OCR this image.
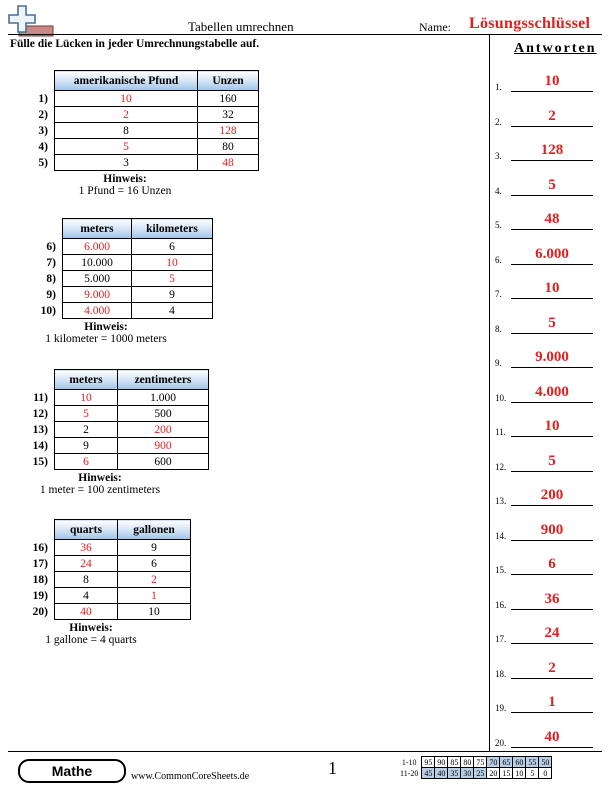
Tabellen umrechnen	Name: Lösungsschlüssel
Fülle die Lücken in jeder Umrechnungstabelle auf.	Antworten
	amerikanische Pfund	Unzen
1)	10	160
2)	2	32
3)	8	128
4)	5	80
5)	3	48
Hinweis:
1 Pfund = 16 Unzen
	meters	kilometers
6)	6.000	6
7)	10.000	10
8)	5.000	5
9)	9.000	9
10)	4.000	4
Hinweis:
1 kilometer = 1000 meters
	meters	zentimeters
11)	10	1.000
12)	5	500
13)	2	200
14)	9	900
15)	6	600
Hinweis:
1 meter = 100 zentimeters
	quarts	gallonen
16)	36	9
17)	24	6
18)	8	2
19)	4	1
20)	40	10
Hinweis:
1 gallone = 4 quarts
1.	10
2.	2
3.	128
4.	5
5.	48
6.	6.000
7.	10
8.	5
9.	9.000
10.	4.000
11.	10
12.	5
13.	200
14.	900
15.	6
16.	36
17.	24
18.	2
19.	1
20.	40
Mathe	www.CommonCoreSheets.de	1	1-10	95	90	85	80	75	70	65	60	55	50
11-20	45	40	35	30	25	20	15	10	5	0
